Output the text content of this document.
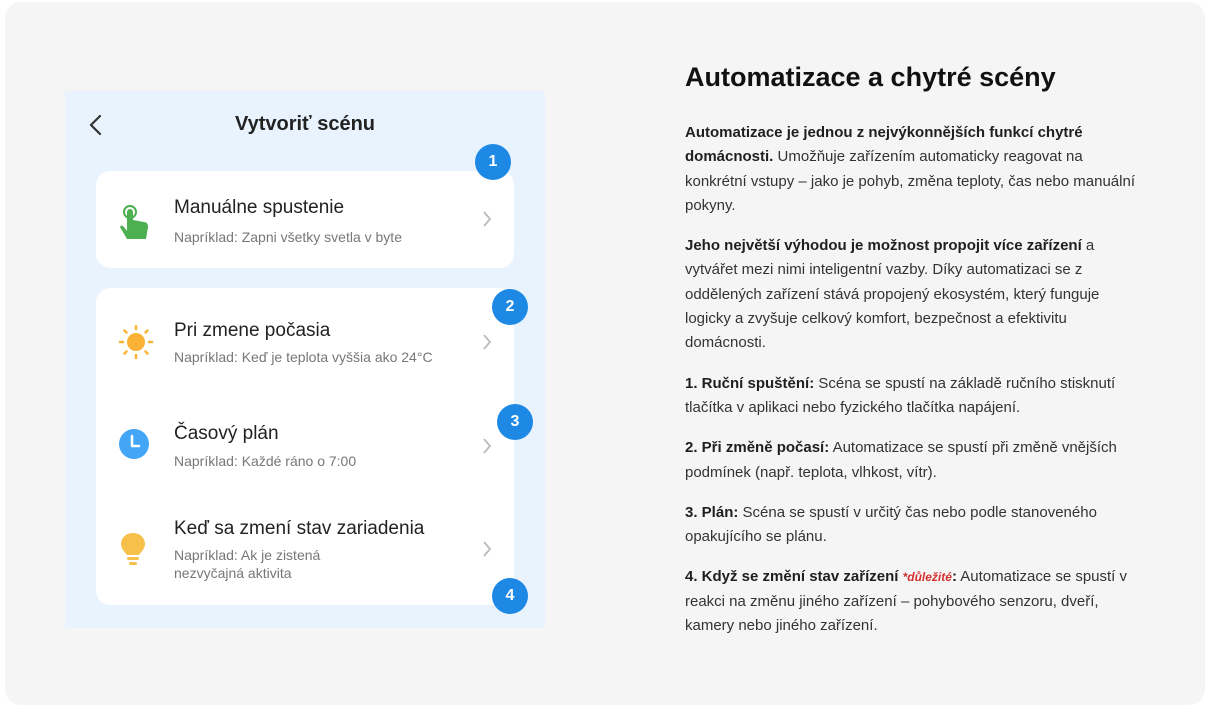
Vytvoriť scénu
Manuálne spustenie
Napríklad: Zapni všetky svetla v byte
Pri zmene počasia
Napríklad: Keď je teplota vyššia ako 24°C
Časový plán
Napríklad: Každé ráno o 7:00
Keď sa zmení stav zariadenia
Napríklad: Ak je zistená nezvyčajná aktivita
1
2
3
4
Automatizace a chytré scény

Automatizace je jednou z nejvýkonnějších funkcí chytré domácnosti. Umožňuje zařízením automaticky reagovat na konkrétní vstupy – jako je pohyb, změna teploty, čas nebo manuální pokyny.

Jeho největší výhodou je možnost propojit více zařízení a vytvářet mezi nimi inteligentní vazby. Díky automatizaci se z oddělených zařízení stává propojený ekosystém, který funguje logicky a zvyšuje celkový komfort, bezpečnost a efektivitu domácnosti.

1. Ruční spuštění: Scéna se spustí na základě ručního stisknutí tlačítka v aplikaci nebo fyzického tlačítka napájení.

2. Při změně počasí: Automatizace se spustí při změně vnějších podmínek (např. teplota, vlhkost, vítr).

3. Plán: Scéna se spustí v určitý čas nebo podle stanoveného opakujícího se plánu.

4. Když se změní stav zařízení *důležité: Automatizace se spustí v reakci na změnu jiného zařízení – pohybového senzoru, dveří, kamery nebo jiného zařízení.
